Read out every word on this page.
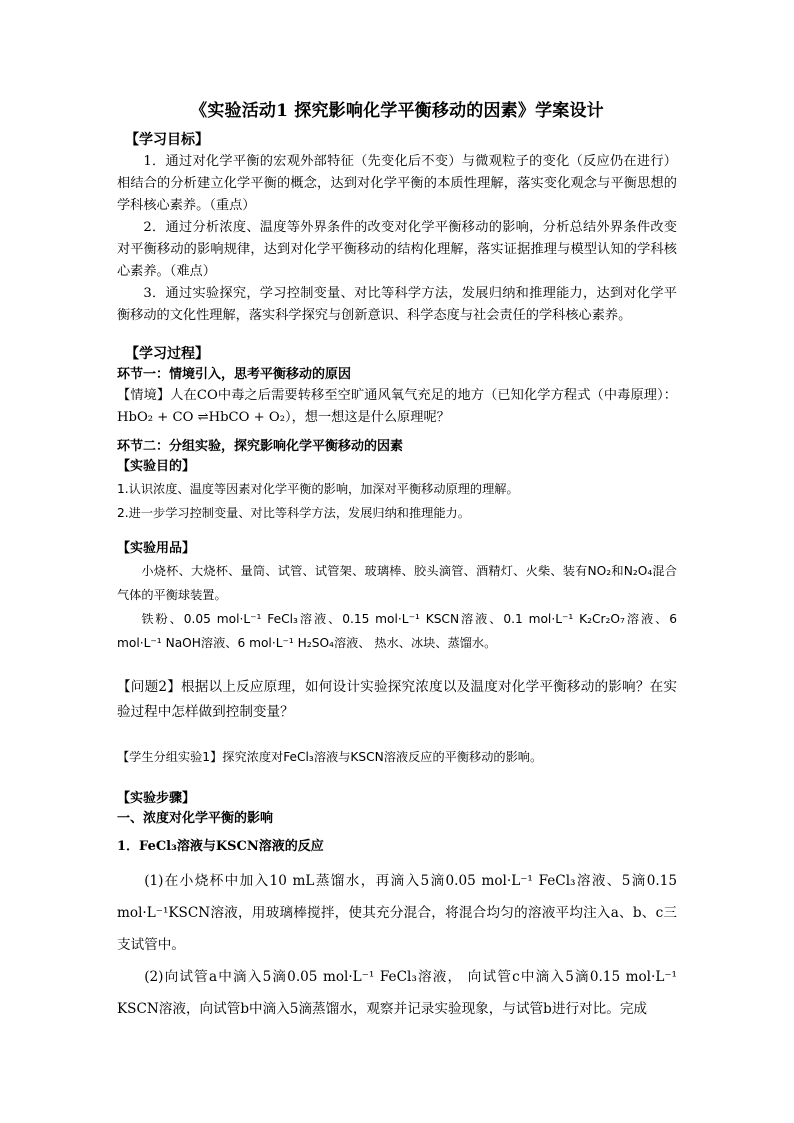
《实验活动1 探究影响化学平衡移动的因素》学案设计
【学习目标】

1．通过对化学平衡的宏观外部特征（先变化后不变）与微观粒子的变化（反应仍在进行）相结合的分析建立化学平衡的概念，达到对化学平衡的本质性理解，落实变化观念与平衡思想的学科核心素养。（重点）

2．通过分析浓度、温度等外界条件的改变对化学平衡移动的影响，分析总结外界条件改变对平衡移动的影响规律，达到对化学平衡移动的结构化理解，落实证据推理与模型认知的学科核心素养。（难点）

3．通过实验探究，学习控制变量、对比等科学方法，发展归纳和推理能力，达到对化学平衡移动的文化性理解，落实科学探究与创新意识、科学态度与社会责任的学科核心素养。

【学习过程】

环节一：情境引入，思考平衡移动的原因

【情境】人在CO中毒之后需要转移至空旷通风氧气充足的地方（已知化学方程式（中毒原理）：HbO₂ + CO ⇌HbCO + O₂），想一想这是什么原理呢？

环节二：分组实验，探究影响化学平衡移动的因素

【实验目的】

1.认识浓度、温度等因素对化学平衡的影响，加深对平衡移动原理的理解。

2.进一步学习控制变量、对比等科学方法，发展归纳和推理能力。

【实验用品】

小烧杯、大烧杯、量筒、试管、试管架、玻璃棒、胶头滴管、酒精灯、火柴、装有NO₂和N₂O₄混合气体的平衡球装置。

铁粉、0.05 mol·L⁻¹ FeCl₃溶液、0.15 mol·L⁻¹ KSCN溶液、0.1 mol·L⁻¹ K₂Cr₂O₇溶液、6 mol·L⁻¹ NaOH溶液、6 mol·L⁻¹ H₂SO₄溶液、 热水、冰块、蒸馏水。

【问题2】根据以上反应原理，如何设计实验探究浓度以及温度对化学平衡移动的影响？在实验过程中怎样做到控制变量？

【学生分组实验1】探究浓度对FeCl₃溶液与KSCN溶液反应的平衡移动的影响。

【实验步骤】

一、浓度对化学平衡的影响

1．FeCl₃溶液与KSCN溶液的反应

(1)在小烧杯中加入10 mL蒸馏水，再滴入5滴0.05 mol·L⁻¹ FeCl₃溶液、5滴0.15 mol·L⁻¹KSCN溶液，用玻璃棒搅拌，使其充分混合，将混合均匀的溶液平均注入a、b、c三支试管中。

(2)向试管a中滴入5滴0.05 mol·L⁻¹ FeCl₃溶液， 向试管c中滴入5滴0.15 mol·L⁻¹ KSCN溶液，向试管b中滴入5滴蒸馏水，观察并记录实验现象，与试管b进行对比。完成
